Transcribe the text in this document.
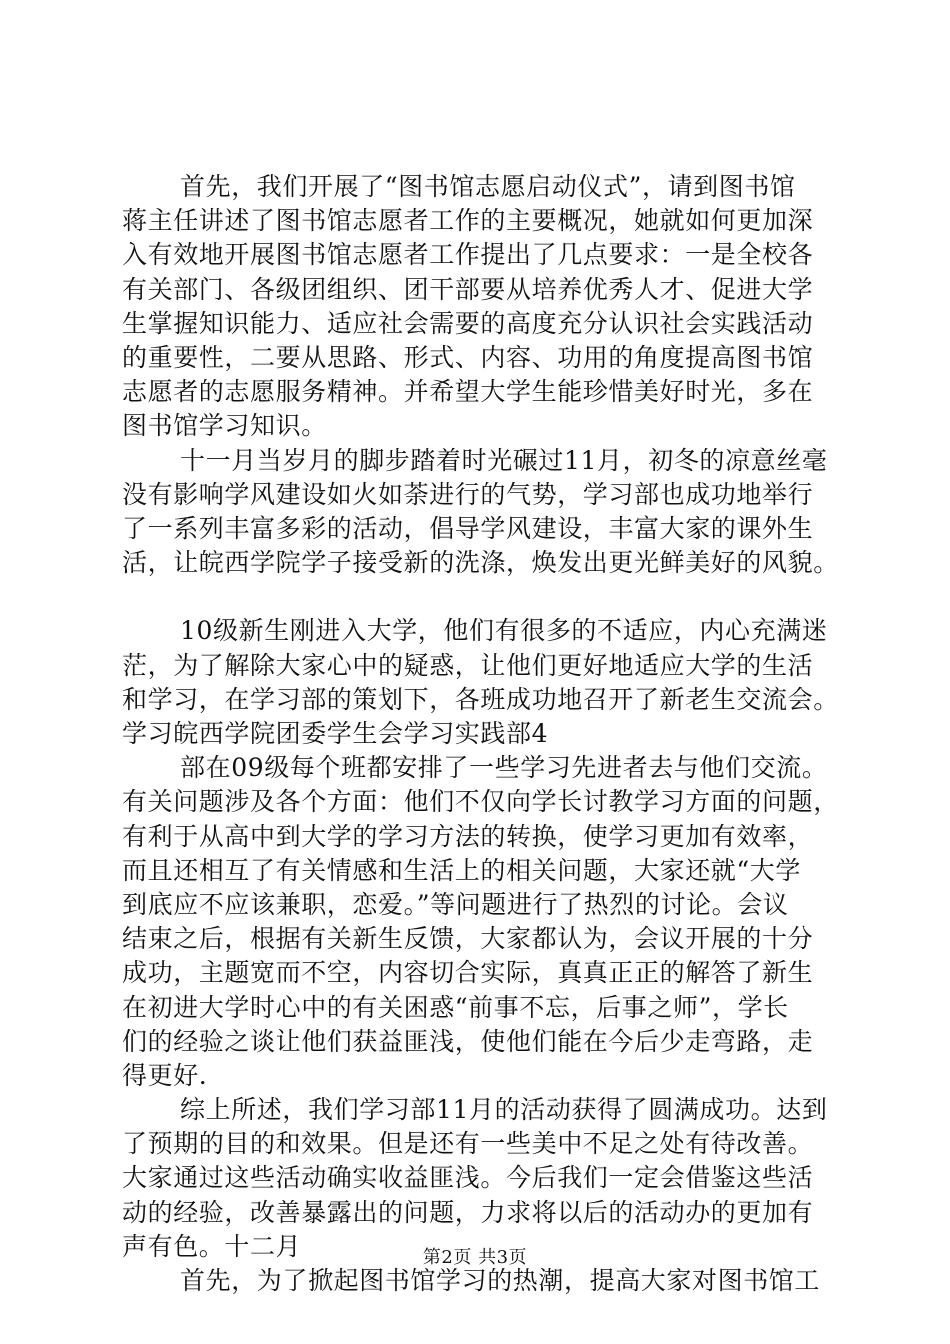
首先，我们开展了“图书馆志愿启动仪式”，请到图书馆
蒋主任讲述了图书馆志愿者工作的主要概况，她就如何更加深
入有效地开展图书馆志愿者工作提出了几点要求：一是全校各
有关部门、各级团组织、团干部要从培养优秀人才、促进大学
生掌握知识能力、适应社会需要的高度充分认识社会实践活动
的重要性，二要从思路、形式、内容、功用的角度提高图书馆
志愿者的志愿服务精神。并希望大学生能珍惜美好时光，多在
图书馆学习知识。
十一月当岁月的脚步踏着时光碾过11月，初冬的凉意丝毫
没有影响学风建设如火如荼进行的气势，学习部也成功地举行
了一系列丰富多彩的活动，倡导学风建设，丰富大家的课外生
活，让皖西学院学子接受新的洗涤，焕发出更光鲜美好的风貌。
10级新生刚进入大学，他们有很多的不适应，内心充满迷
茫，为了解除大家心中的疑惑，让他们更好地适应大学的生活
和学习，在学习部的策划下，各班成功地召开了新老生交流会。
学习皖西学院团委学生会学习实践部4
部在09级每个班都安排了一些学习先进者去与他们交流。
有关问题涉及各个方面：他们不仅向学长讨教学习方面的问题，
有利于从高中到大学的学习方法的转换，使学习更加有效率，
而且还相互了有关情感和生活上的相关问题，大家还就“大学
到底应不应该兼职，恋爱。”等问题进行了热烈的讨论。会议
结束之后，根据有关新生反馈，大家都认为，会议开展的十分
成功，主题宽而不空，内容切合实际，真真正正的解答了新生
在初进大学时心中的有关困惑“前事不忘，后事之师”，学长
们的经验之谈让他们获益匪浅，使他们能在今后少走弯路，走
得更好.
综上所述，我们学习部11月的活动获得了圆满成功。达到
了预期的目的和效果。但是还有一些美中不足之处有待改善。
大家通过这些活动确实收益匪浅。今后我们一定会借鉴这些活
动的经验，改善暴露出的问题，力求将以后的活动办的更加有
声有色。十二月
首先，为了掀起图书馆学习的热潮，提高大家对图书馆工
第2页 共3页
